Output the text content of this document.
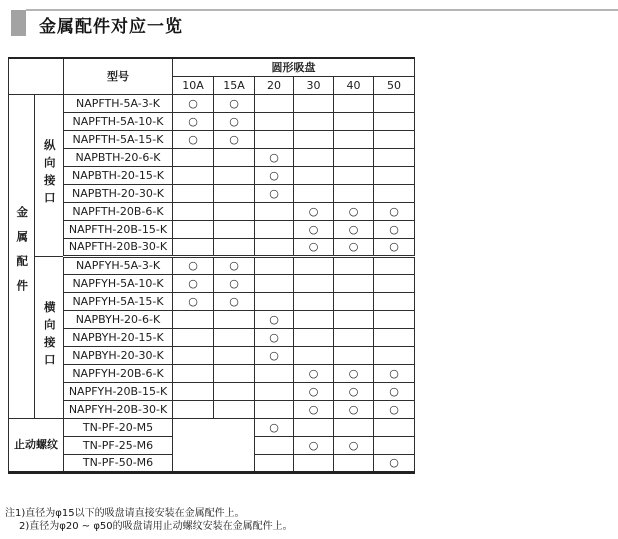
金属配件对应一览
		型号	圆形吸盘					
			10A	15A	20	30	40	50
金属配件	纵向接口	NAPFTH-5A-3-K	○	○				
		NAPFTH-5A-10-K	○	○				
		NAPFTH-5A-15-K	○	○				
		NAPBTH-20-6-K			○			
		NAPBTH-20-15-K			○			
		NAPBTH-20-30-K			○			
		NAPFTH-20B-6-K				○	○	○
		NAPFTH-20B-15-K				○	○	○
		NAPFTH-20B-30-K				○	○	○
	横向接口	NAPFYH-5A-3-K	○	○				
		NAPFYH-5A-10-K	○	○				
		NAPFYH-5A-15-K	○	○				
		NAPBYH-20-6-K			○			
		NAPBYH-20-15-K			○			
		NAPBYH-20-30-K			○			
		NAPFYH-20B-6-K				○	○	○
		NAPFYH-20B-15-K				○	○	○
		NAPFYH-20B-30-K				○	○	○
止动螺纹		TN-PF-20-M5			○			
		TN-PF-25-M6				○	○	
		TN-PF-50-M6						○
注1)直径为φ15以下的吸盘请直接安装在金属配件上。
2)直径为φ20 ~ φ50的吸盘请用止动螺纹安装在金属配件上。
